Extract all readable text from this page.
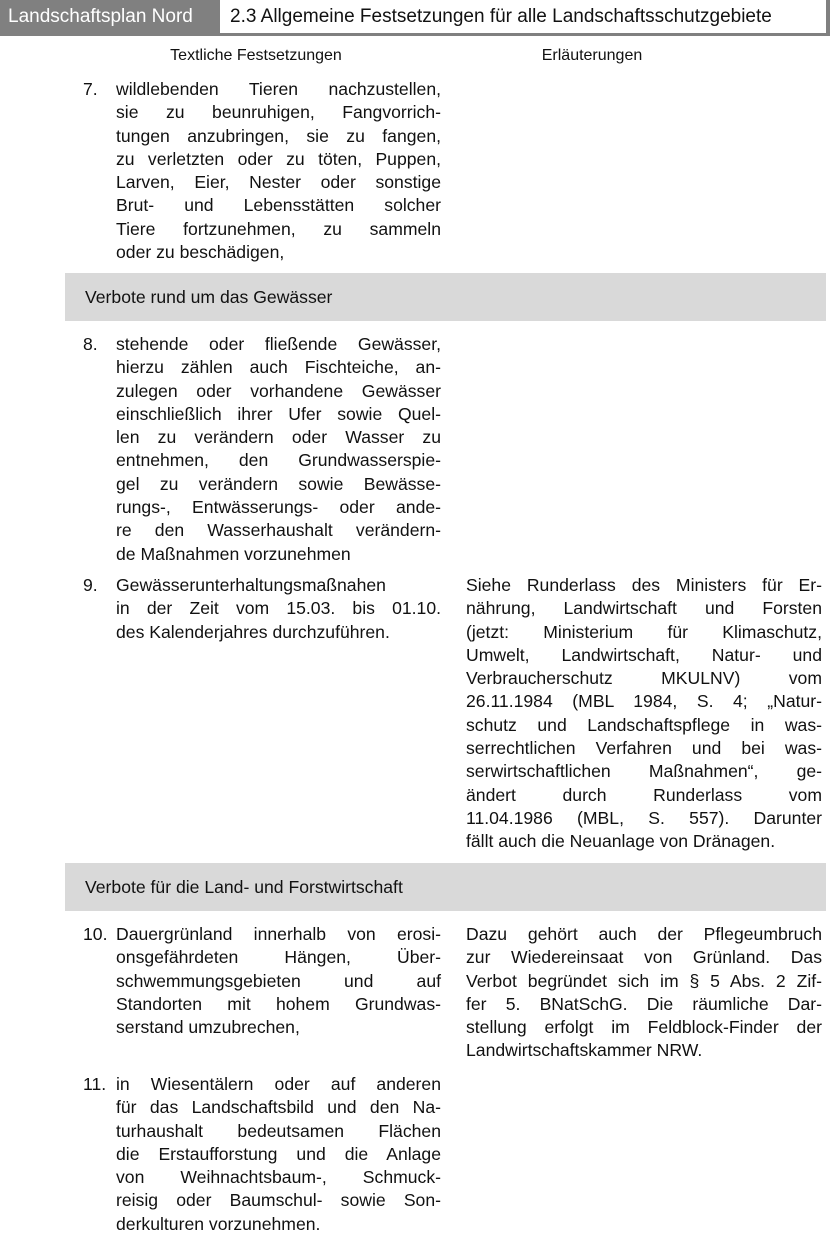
Landschaftsplan Nord 2.3 Allgemeine Festsetzungen für alle Landschaftsschutzgebiete
Textliche Festsetzungen	Erläuterungen
7. wildlebenden Tieren nachzustellen,
sie zu beunruhigen, Fangvorrich-
tungen anzubringen, sie zu fangen,
zu verletzten oder zu töten, Puppen,
Larven, Eier, Nester oder sonstige
Brut- und Lebensstätten solcher
Tiere fortzunehmen, zu sammeln
oder zu beschädigen,
Verbote rund um das Gewässer
8. stehende oder fließende Gewässer,
hierzu zählen auch Fischteiche, an-
zulegen oder vorhandene Gewässer
einschließlich ihrer Ufer sowie Quel-
len zu verändern oder Wasser zu
entnehmen, den Grundwasserspie-
gel zu verändern sowie Bewässe-
rungs-, Entwässerungs- oder ande-
re den Wasserhaushalt verändern-
de Maßnahmen vorzunehmen
9. Gewässerunterhaltungsmaßnahen
in der Zeit vom 15.03. bis 01.10.
des Kalenderjahres durchzuführen.
Siehe Runderlass des Ministers für Er-
nährung, Landwirtschaft und Forsten
(jetzt: Ministerium für Klimaschutz,
Umwelt, Landwirtschaft, Natur- und
Verbraucherschutz MKULNV) vom
26.11.1984 (MBL 1984, S. 4; „Natur-
schutz und Landschaftspflege in was-
serrechtlichen Verfahren und bei was-
serwirtschaftlichen Maßnahmen“, ge-
ändert durch Runderlass vom
11.04.1986 (MBL, S. 557). Darunter
fällt auch die Neuanlage von Dränagen.
Verbote für die Land- und Forstwirtschaft
10. Dauergrünland innerhalb von erosi-
onsgefährdeten Hängen, Über-
schwemmungsgebieten und auf
Standorten mit hohem Grundwas-
serstand umzubrechen,
Dazu gehört auch der Pflegeumbruch
zur Wiedereinsaat von Grünland. Das
Verbot begründet sich im § 5 Abs. 2 Zif-
fer 5. BNatSchG. Die räumliche Dar-
stellung erfolgt im Feldblock-Finder der
Landwirtschaftskammer NRW.
11. in Wiesentälern oder auf anderen
für das Landschaftsbild und den Na-
turhaushalt bedeutsamen Flächen
die Erstaufforstung und die Anlage
von Weihnachtsbaum-, Schmuck-
reisig oder Baumschul- sowie Son-
derkulturen vorzunehmen.
